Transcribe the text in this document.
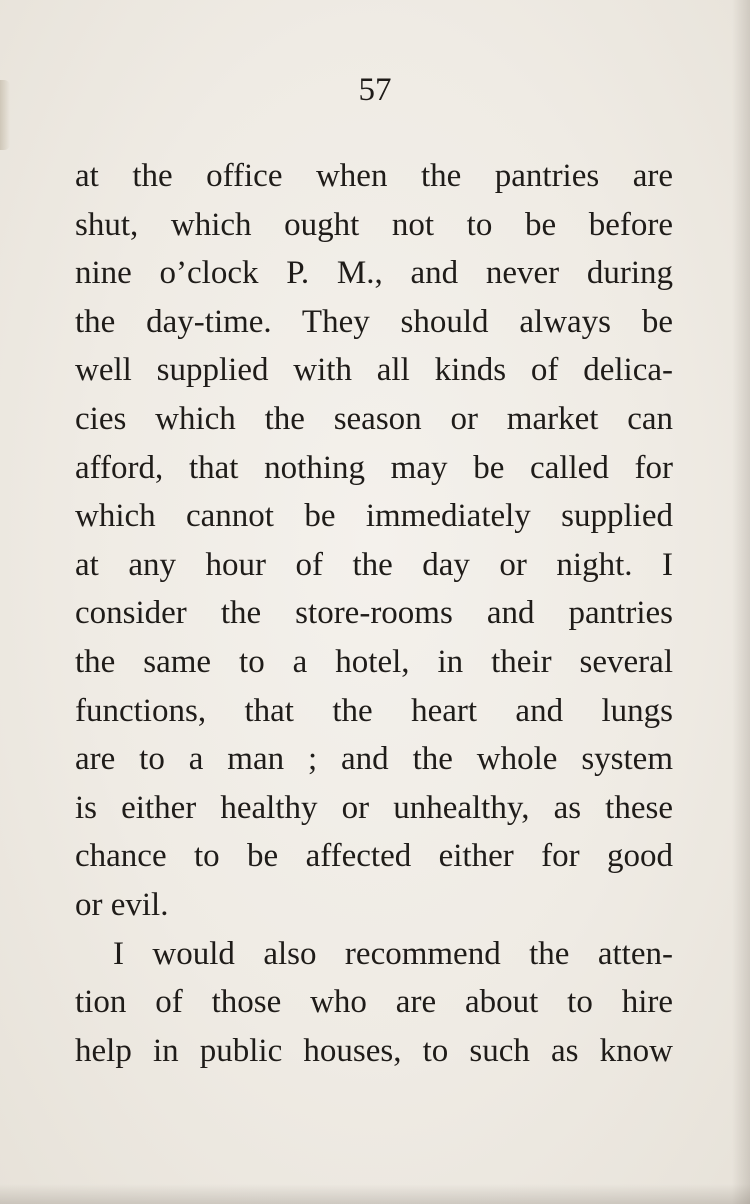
57
at the office when the pantries are
shut, which ought not to be before
nine o’clock P. M., and never during
the day-time. They should always be
well supplied with all kinds of delica-
cies which the season or market can
afford, that nothing may be called for
which cannot be immediately supplied
at any hour of the day or night. I
consider the store-rooms and pantries
the same to a hotel, in their several
functions, that the heart and lungs
are to a man ; and the whole system
is either healthy or unhealthy, as these
chance to be affected either for good
or evil.
I would also recommend the atten-
tion of those who are about to hire
help in public houses, to such as know
